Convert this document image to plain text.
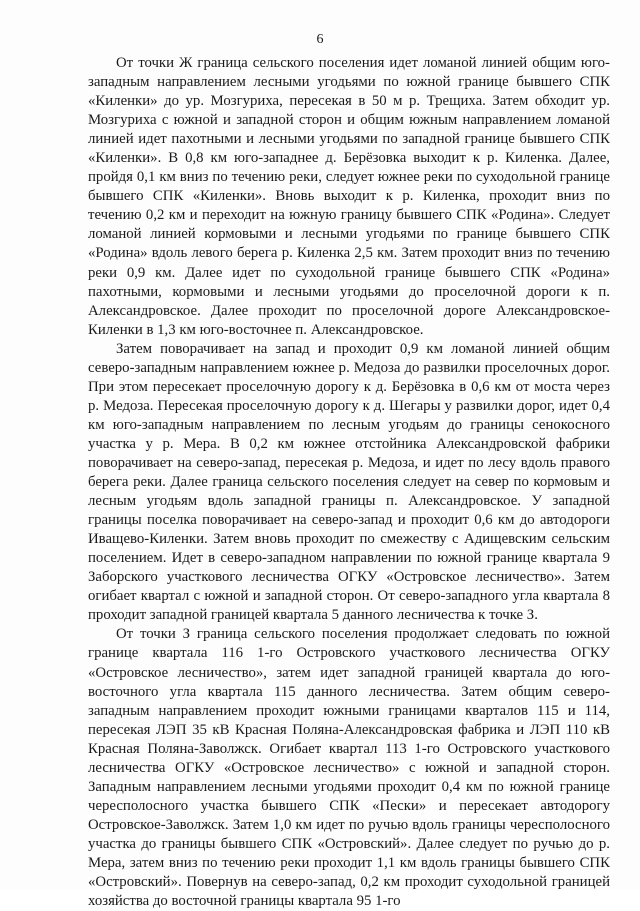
6

От точки Ж граница сельского поселения идет ломаной линией общим юго-западным направлением лесными угодьями по южной границе бывшего СПК «Киленки» до ур. Мозгуриха, пересекая в 50 м р. Трещиха. Затем обходит ур. Мозгуриха с южной и западной сторон и общим южным направлением ломаной линией идет пахотными и лесными угодьями по западной границе бывшего СПК «Киленки». В 0,8 км юго-западнее д. Берёзовка выходит к р. Киленка. Далее, пройдя 0,1 км вниз по течению реки, следует южнее реки по суходольной границе бывшего СПК «Киленки». Вновь выходит к р. Киленка, проходит вниз по течению 0,2 км и переходит на южную границу бывшего СПК «Родина». Следует ломаной линией кормовыми и лесными угодьями по границе бывшего СПК «Родина» вдоль левого берега р. Киленка 2,5 км. Затем проходит вниз по течению реки 0,9 км. Далее идет по суходольной границе бывшего СПК «Родина» пахотными, кормовыми и лесными угодьями до проселочной дороги к п. Александровское. Далее проходит по проселочной дороге Александровское-Киленки в 1,3 км юго-восточнее п. Александровское.

Затем поворачивает на запад и проходит 0,9 км ломаной линией общим северо-западным направлением южнее р. Медоза до развилки проселочных дорог. При этом пересекает проселочную дорогу к д. Берёзовка в 0,6 км от моста через р. Медоза. Пересекая проселочную дорогу к д. Шегары у развилки дорог, идет 0,4 км юго-западным направлением по лесным угодьям до границы сенокосного участка у р. Мера. В 0,2 км южнее отстойника Александровской фабрики поворачивает на северо-запад, пересекая р. Медоза, и идет по лесу вдоль правого берега реки. Далее граница сельского поселения следует на север по кормовым и лесным угодьям вдоль западной границы п. Александровское. У западной границы поселка поворачивает на северо-запад и проходит 0,6 км до автодороги Иващево-Киленки. Затем вновь проходит по смежеству с Адищевским сельским поселением. Идет в северо-западном направлении по южной границе квартала 9 Заборского участкового лесничества ОГКУ «Островское лесничество». Затем огибает квартал с южной и западной сторон. От северо-западного угла квартала 8 проходит западной границей квартала 5 данного лесничества к точке З.

От точки З граница сельского поселения продолжает следовать по южной границе квартала 116 1-го Островского участкового лесничества ОГКУ «Островское лесничество», затем идет западной границей квартала до юго-восточного угла квартала 115 данного лесничества. Затем общим северо-западным направлением проходит южными границами кварталов 115 и 114, пересекая ЛЭП 35 кВ Красная Поляна-Александровская фабрика и ЛЭП 110 кВ Красная Поляна-Заволжск. Огибает квартал 113 1-го Островского участкового лесничества ОГКУ «Островское лесничество» с южной и западной сторон. Западным направлением лесными угодьями проходит 0,4 км по южной границе чересполосного участка бывшего СПК «Пески» и пересекает автодорогу Островское-Заволжск. Затем 1,0 км идет по ручью вдоль границы чересполосного участка до границы бывшего СПК «Островский». Далее следует по ручью до р. Мера, затем вниз по течению реки проходит 1,1 км вдоль границы бывшего СПК «Островский». Повернув на северо-запад, 0,2 км проходит суходольной границей хозяйства до восточной границы квартала 95 1-го
